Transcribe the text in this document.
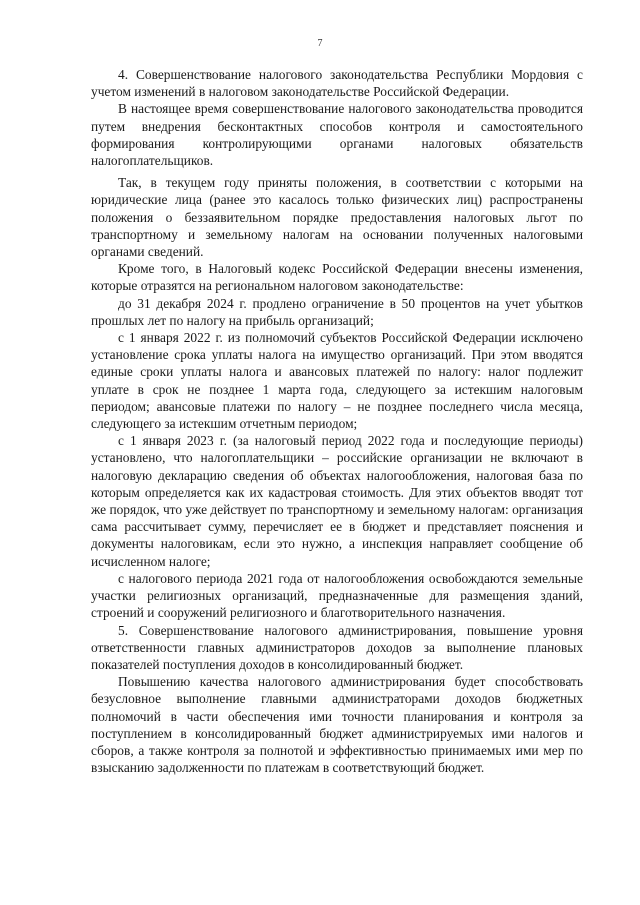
7

4. Совершенствование налогового законодательства Республики Мордовия с учетом изменений в налоговом законодательстве Российской Федерации.

В настоящее время совершенствование налогового законодательства проводится путем внедрения бесконтактных способов контроля и самостоятельного формирования контролирующими органами налоговых обязательств налогоплательщиков.

Так, в текущем году приняты положения, в соответствии с которыми на юридические лица (ранее это касалось только физических лиц) распространены положения о беззаявительном порядке предоставления налоговых льгот по транспортному и земельному налогам на основании полученных налоговыми органами сведений.

Кроме того, в Налоговый кодекс Российской Федерации внесены изменения, которые отразятся на региональном налоговом законодательстве:

до 31 декабря 2024 г. продлено ограничение в 50 процентов на учет убытков прошлых лет по налогу на прибыль организаций;

с 1 января 2022 г. из полномочий субъектов Российской Федерации исключено установление срока уплаты налога на имущество организаций. При этом вводятся единые сроки уплаты налога и авансовых платежей по налогу: налог подлежит уплате в срок не позднее 1 марта года, следующего за истекшим налоговым периодом; авансовые платежи по налогу – не позднее последнего числа месяца, следующего за истекшим отчетным периодом;

с 1 января 2023 г. (за налоговый период 2022 года и последующие периоды) установлено, что налогоплательщики – российские организации не включают в налоговую декларацию сведения об объектах налогообложения, налоговая база по которым определяется как их кадастровая стоимость. Для этих объектов вводят тот же порядок, что уже действует по транспортному и земельному налогам: организация сама рассчитывает сумму, перечисляет ее в бюджет и представляет пояснения и документы налоговикам, если это нужно, а инспекция направляет сообщение об исчисленном налоге;

с налогового периода 2021 года от налогообложения освобождаются земельные участки религиозных организаций, предназначенные для размещения зданий, строений и сооружений религиозного и благотворительного назначения.

5. Совершенствование налогового администрирования, повышение уровня ответственности главных администраторов доходов за выполнение плановых показателей поступления доходов в консолидированный бюджет.

Повышению качества налогового администрирования будет способствовать безусловное выполнение главными администраторами доходов бюджетных полномочий в части обеспечения ими точности планирования и контроля за поступлением в консолидированный бюджет администрируемых ими налогов и сборов, а также контроля за полнотой и эффективностью принимаемых ими мер по взысканию задолженности по платежам в соответствующий бюджет.
